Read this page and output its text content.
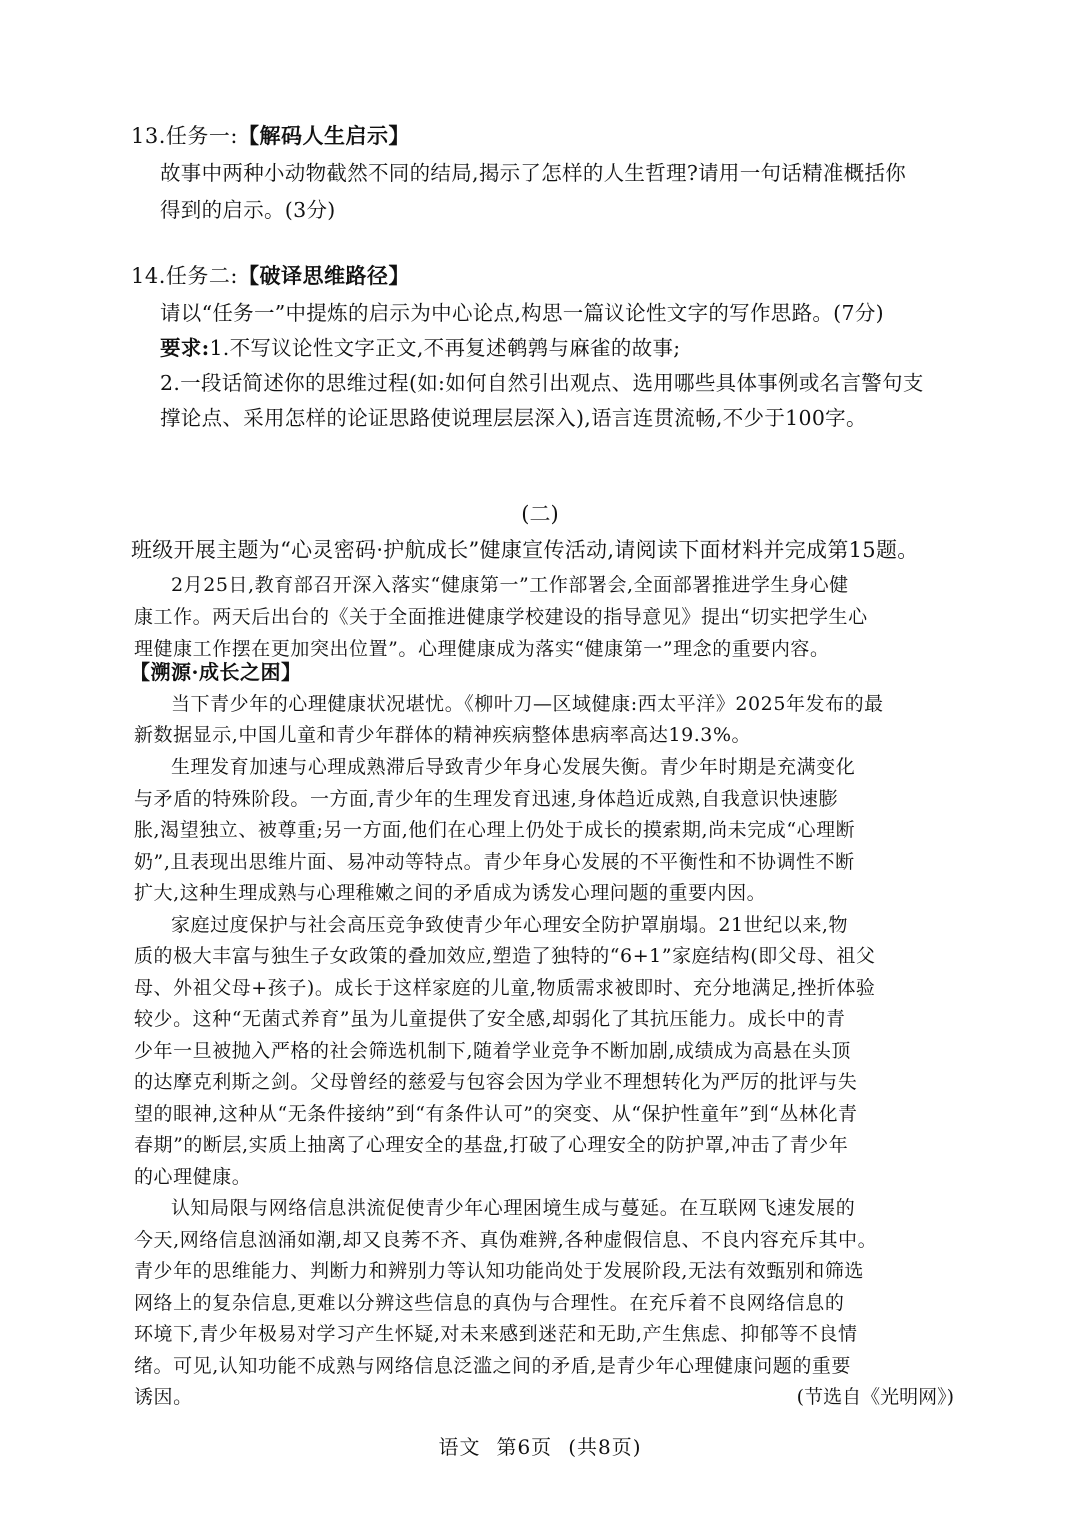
13.任务一:【解码人生启示】
故事中两种小动物截然不同的结局,揭示了怎样的人生哲理?请用一句话精准概括你
得到的启示。(3分)
14.任务二:【破译思维路径】
请以“任务一”中提炼的启示为中心论点,构思一篇议论性文字的写作思路。(7分)
要求:1.不写议论性文字正文,不再复述鹌鹑与麻雀的故事;
2.一段话简述你的思维过程(如:如何自然引出观点、选用哪些具体事例或名言警句支
撑论点、采用怎样的论证思路使说理层层深入),语言连贯流畅,不少于100字。
(二)
班级开展主题为“心灵密码·护航成长”健康宣传活动,请阅读下面材料并完成第15题。
2月25日,教育部召开深入落实“健康第一”工作部署会,全面部署推进学生身心健
康工作。两天后出台的《关于全面推进健康学校建设的指导意见》提出“切实把学生心
理健康工作摆在更加突出位置”。心理健康成为落实“健康第一”理念的重要内容。
【溯源·成长之困】
当下青少年的心理健康状况堪忧。《柳叶刀—区域健康:西太平洋》2025年发布的最
新数据显示,中国儿童和青少年群体的精神疾病整体患病率高达19.3%。
生理发育加速与心理成熟滞后导致青少年身心发展失衡。青少年时期是充满变化
与矛盾的特殊阶段。一方面,青少年的生理发育迅速,身体趋近成熟,自我意识快速膨
胀,渴望独立、被尊重;另一方面,他们在心理上仍处于成长的摸索期,尚未完成“心理断
奶”,且表现出思维片面、易冲动等特点。青少年身心发展的不平衡性和不协调性不断
扩大,这种生理成熟与心理稚嫩之间的矛盾成为诱发心理问题的重要内因。
家庭过度保护与社会高压竞争致使青少年心理安全防护罩崩塌。21世纪以来,物
质的极大丰富与独生子女政策的叠加效应,塑造了独特的“6+1”家庭结构(即父母、祖父
母、外祖父母+孩子)。成长于这样家庭的儿童,物质需求被即时、充分地满足,挫折体验
较少。这种“无菌式养育”虽为儿童提供了安全感,却弱化了其抗压能力。成长中的青
少年一旦被抛入严格的社会筛选机制下,随着学业竞争不断加剧,成绩成为高悬在头顶
的达摩克利斯之剑。父母曾经的慈爱与包容会因为学业不理想转化为严厉的批评与失
望的眼神,这种从“无条件接纳”到“有条件认可”的突变、从“保护性童年”到“丛林化青
春期”的断层,实质上抽离了心理安全的基盘,打破了心理安全的防护罩,冲击了青少年
的心理健康。
认知局限与网络信息洪流促使青少年心理困境生成与蔓延。在互联网飞速发展的
今天,网络信息汹涌如潮,却又良莠不齐、真伪难辨,各种虚假信息、不良内容充斥其中。
青少年的思维能力、判断力和辨别力等认知功能尚处于发展阶段,无法有效甄别和筛选
网络上的复杂信息,更难以分辨这些信息的真伪与合理性。在充斥着不良网络信息的
环境下,青少年极易对学习产生怀疑,对未来感到迷茫和无助,产生焦虑、抑郁等不良情
绪。可见,认知功能不成熟与网络信息泛滥之间的矛盾,是青少年心理健康问题的重要
诱因。	(节选自《光明网》)
语文 第6页 (共8页)
